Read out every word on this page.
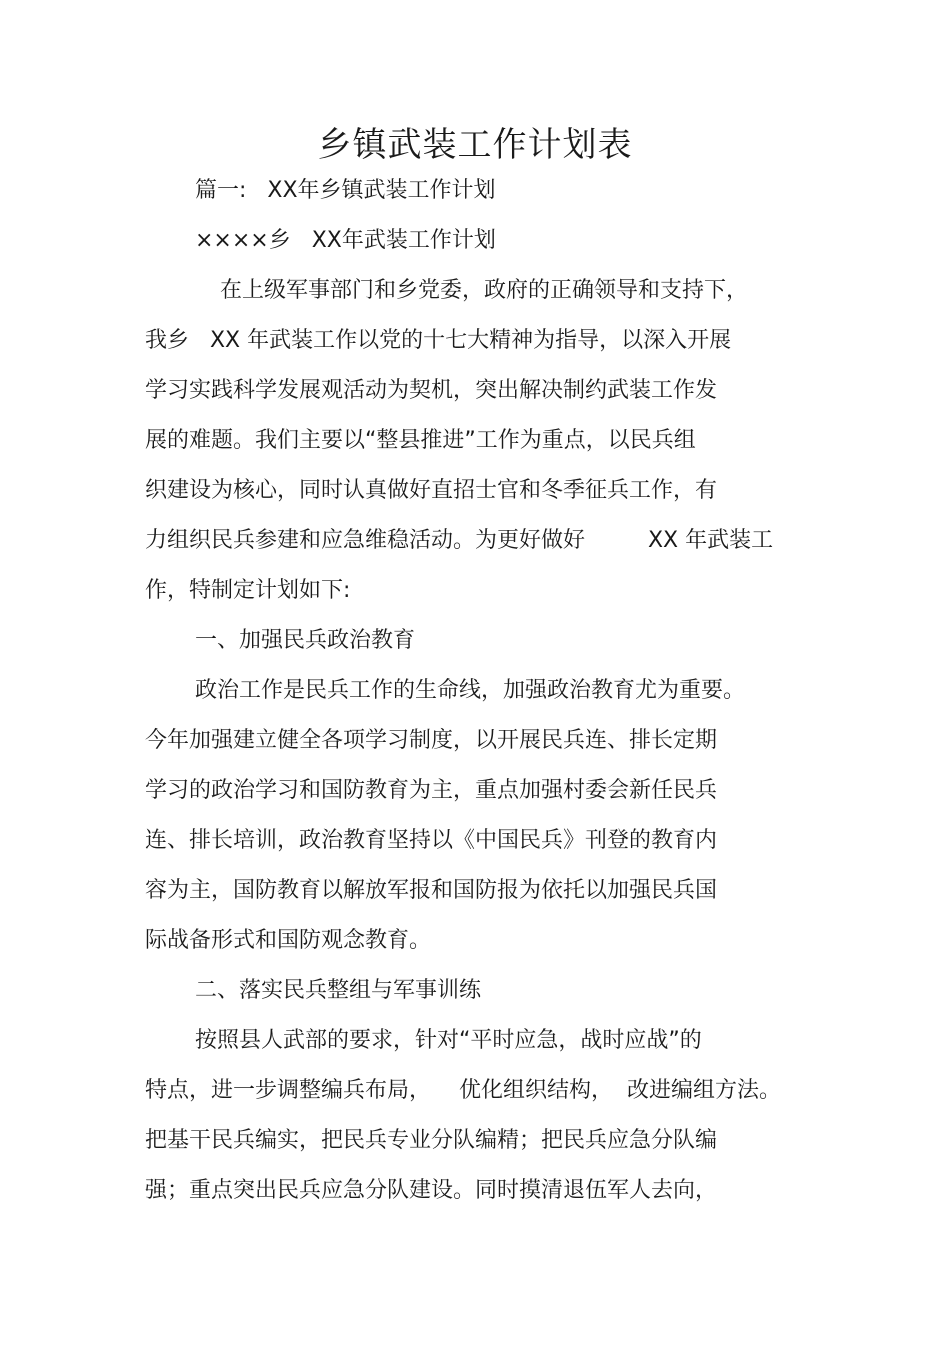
乡镇武装工作计划表

篇一:   XX年乡镇武装工作计划

××××乡   XX年武装工作计划

在上级军事部门和乡党委，政府的正确领导和支持下，

我乡   XX 年武装工作以党的十七大精神为指导，以深入开展

学习实践科学发展观活动为契机，突出解决制约武装工作发

展的难题。我们主要以“整县推进”工作为重点，以民兵组

织建设为核心，同时认真做好直招士官和冬季征兵工作，有

力组织民兵参建和应急维稳活动。为更好做好         XX 年武装工

作，特制定计划如下:

一、加强民兵政治教育

政治工作是民兵工作的生命线，加强政治教育尤为重要。

今年加强建立健全各项学习制度，以开展民兵连、排长定期

学习的政治学习和国防教育为主，重点加强村委会新任民兵

连、排长培训，政治教育坚持以《中国民兵》刊登的教育内

容为主，国防教育以解放军报和国防报为依托以加强民兵国

际战备形式和国防观念教育。

二、落实民兵整组与军事训练

按照县人武部的要求，针对“平时应急，战时应战”的

特点，进一步调整编兵布局，    优化组织结构，  改进编组方法。

把基干民兵编实，把民兵专业分队编精；把民兵应急分队编

强；重点突出民兵应急分队建设。同时摸清退伍军人去向，
